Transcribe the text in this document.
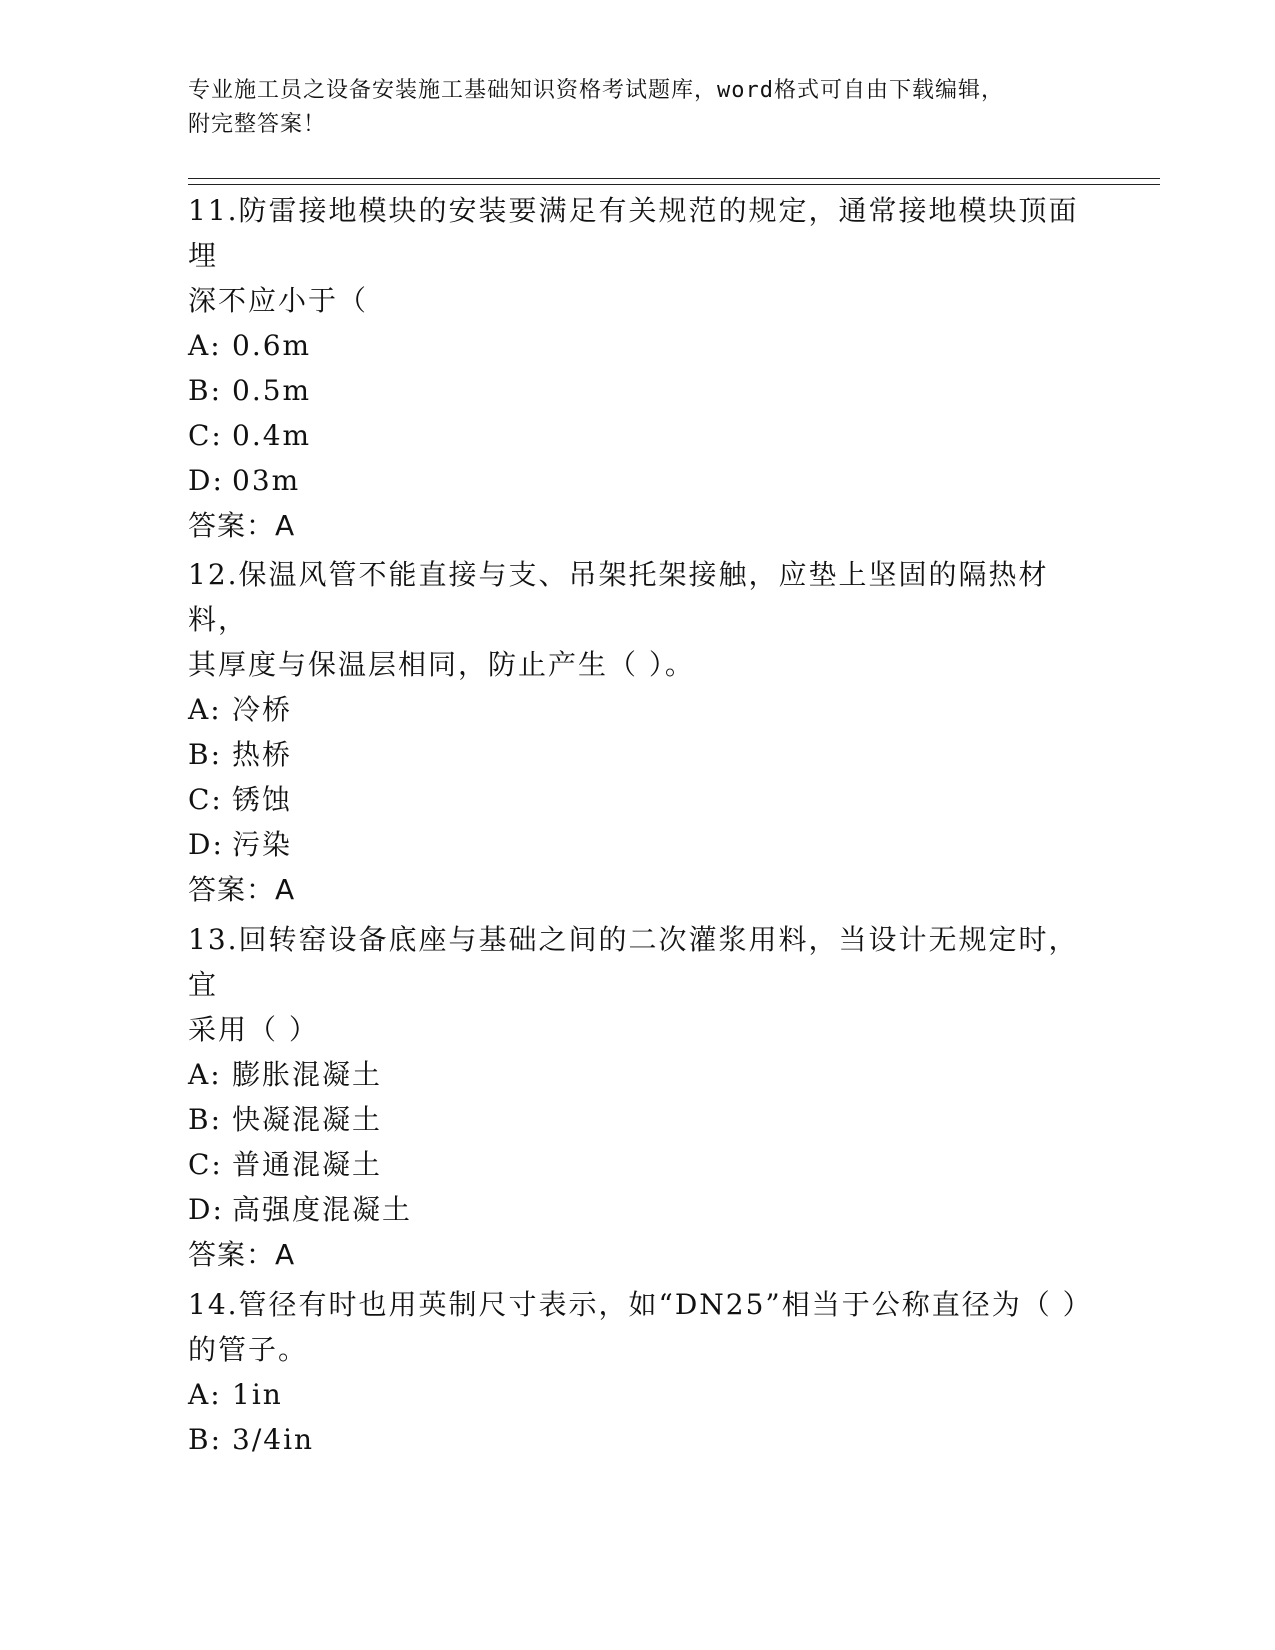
专业施工员之设备安装施工基础知识资格考试题库，word格式可自由下载编辑，
附完整答案！
11.防雷接地模块的安装要满足有关规范的规定，通常接地模块顶面埋
深不应小于（
A: 0.6m
B: 0.5m
C: 0.4m
D: 03m
答案：A
12.保温风管不能直接与支、吊架托架接触，应垫上坚固的隔热材料，
其厚度与保温层相同，防止产生（ ）。
A: 冷桥
B: 热桥
C: 锈蚀
D: 污染
答案：A
13.回转窑设备底座与基础之间的二次灌浆用料，当设计无规定时，宜
采用（ ）
A: 膨胀混凝土
B: 快凝混凝土
C: 普通混凝土
D: 高强度混凝土
答案：A
14.管径有时也用英制尺寸表示，如“DN25”相当于公称直径为（ ）
的管子。
A: 1in
B: 3/4in
